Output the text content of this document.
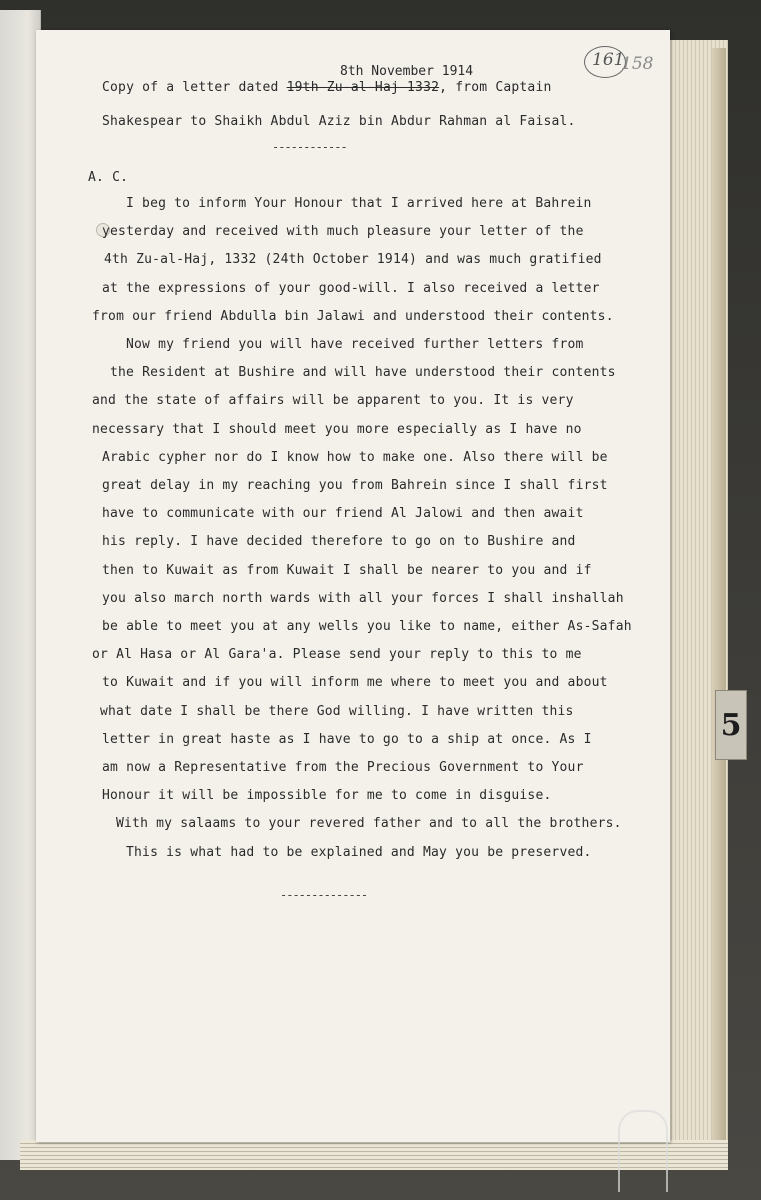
161
158
8th November 1914
Copy of a letter dated 19th Zu-al-Haj 1332, from Captain
Shakespear to Shaikh Abdul Aziz bin Abdur Rahman al Faisal.
------------
A. C.
I beg to inform Your Honour that I arrived here at Bahrein
yesterday and received with much pleasure your letter of the
4th Zu-al-Haj, 1332 (24th October 1914) and was much gratified
at the expressions of your good-will. I also received a letter
from our friend Abdulla bin Jalawi and understood their contents.
Now my friend you will have received further letters from
the Resident at Bushire and will have understood their contents
and the state of affairs will be apparent to you. It is very
necessary that I should meet you more especially as I have no
Arabic cypher nor do I know how to make one. Also there will be
great delay in my reaching you from Bahrein since I shall first
have to communicate with our friend Al Jalowi and then await
his reply. I have decided therefore to go on to Bushire and
then to Kuwait as from Kuwait I shall be nearer to you and if
you also march north wards with all your forces I shall inshallah
be able to meet you at any wells you like to name, either As-Safah
or Al Hasa or Al Gara'a. Please send your reply to this to me
to Kuwait and if you will inform me where to meet you and about
what date I shall be there God willing. I have written this
letter in great haste as I have to go to a ship at once. As I
am now a Representative from the Precious Government to Your
Honour it will be impossible for me to come in disguise.
With my salaams to your revered father and to all the brothers.
This is what had to be explained and May you be preserved.
--------------
5
